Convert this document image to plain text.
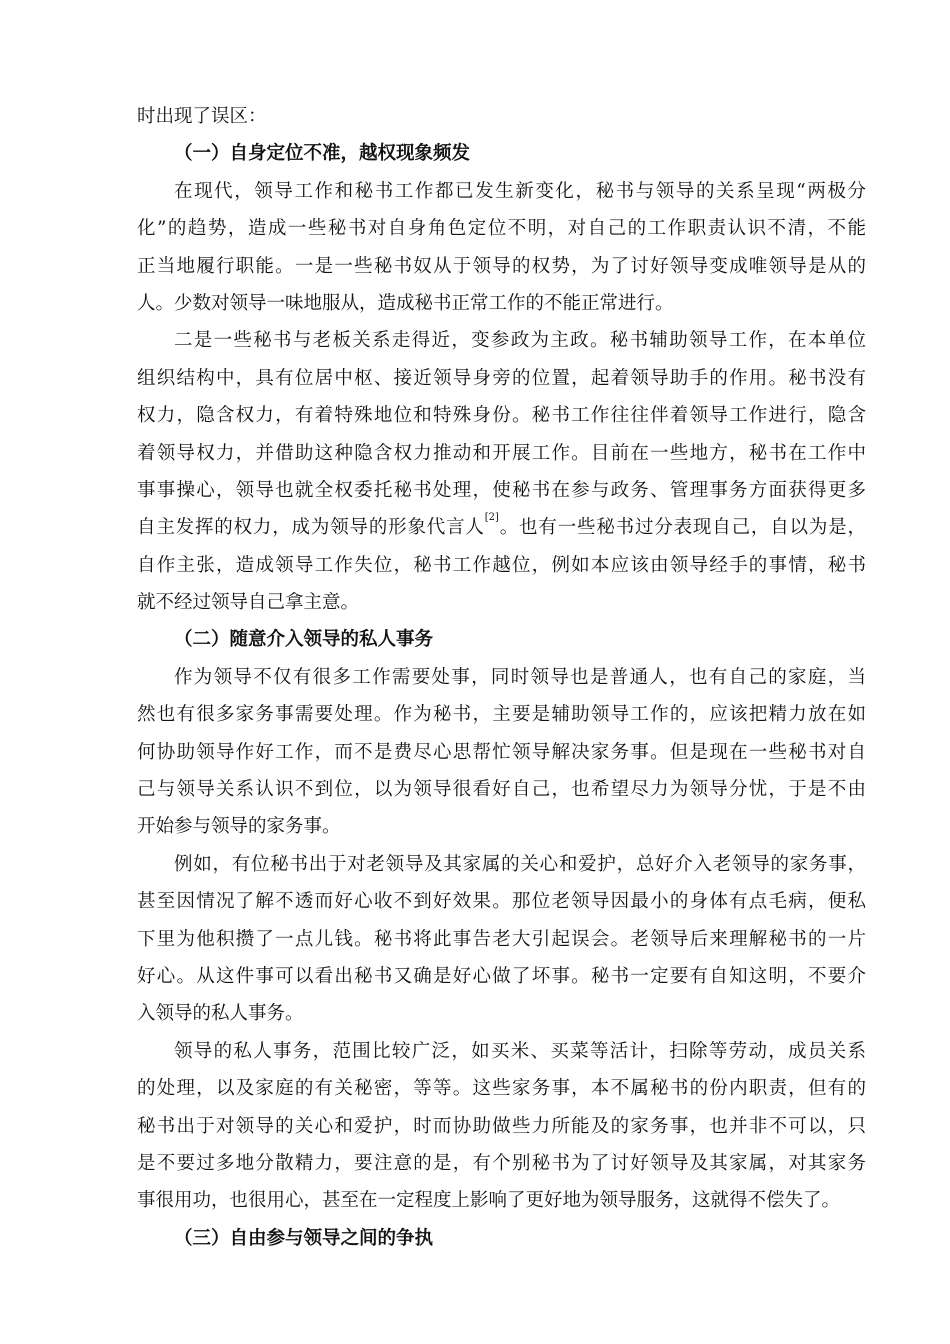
时出现了误区：

（一）自身定位不准，越权现象频发

在现代，领导工作和秘书工作都已发生新变化，秘书与领导的关系呈现“两极分

化”的趋势，造成一些秘书对自身角色定位不明，对自己的工作职责认识不清，不能

正当地履行职能。一是一些秘书奴从于领导的权势，为了讨好领导变成唯领导是从的

人。少数对领导一味地服从，造成秘书正常工作的不能正常进行。

二是一些秘书与老板关系走得近，变参政为主政。秘书辅助领导工作，在本单位

组织结构中，具有位居中枢、接近领导身旁的位置，起着领导助手的作用。秘书没有

权力，隐含权力，有着特殊地位和特殊身份。秘书工作往往伴着领导工作进行，隐含

着领导权力，并借助这种隐含权力推动和开展工作。目前在一些地方，秘书在工作中

事事操心，领导也就全权委托秘书处理，使秘书在参与政务、管理事务方面获得更多

自主发挥的权力，成为领导的形象代言人[2]。也有一些秘书过分表现自己，自以为是，

自作主张，造成领导工作失位，秘书工作越位，例如本应该由领导经手的事情，秘书

就不经过领导自己拿主意。

（二）随意介入领导的私人事务

作为领导不仅有很多工作需要处事，同时领导也是普通人，也有自己的家庭，当

然也有很多家务事需要处理。作为秘书，主要是辅助领导工作的，应该把精力放在如

何协助领导作好工作，而不是费尽心思帮忙领导解决家务事。但是现在一些秘书对自

己与领导关系认识不到位，以为领导很看好自己，也希望尽力为领导分忧，于是不由

开始参与领导的家务事。

例如，有位秘书出于对老领导及其家属的关心和爱护，总好介入老领导的家务事，

甚至因情况了解不透而好心收不到好效果。那位老领导因最小的身体有点毛病，便私

下里为他积攒了一点儿钱。秘书将此事告老大引起误会。老领导后来理解秘书的一片

好心。从这件事可以看出秘书又确是好心做了坏事。秘书一定要有自知这明，不要介

入领导的私人事务。

领导的私人事务，范围比较广泛，如买米、买菜等活计，扫除等劳动，成员关系

的处理，以及家庭的有关秘密，等等。这些家务事，本不属秘书的份内职责，但有的

秘书出于对领导的关心和爱护，时而协助做些力所能及的家务事，也并非不可以，只

是不要过多地分散精力，要注意的是，有个别秘书为了讨好领导及其家属，对其家务

事很用功，也很用心，甚至在一定程度上影响了更好地为领导服务，这就得不偿失了。

（三）自由参与领导之间的争执
